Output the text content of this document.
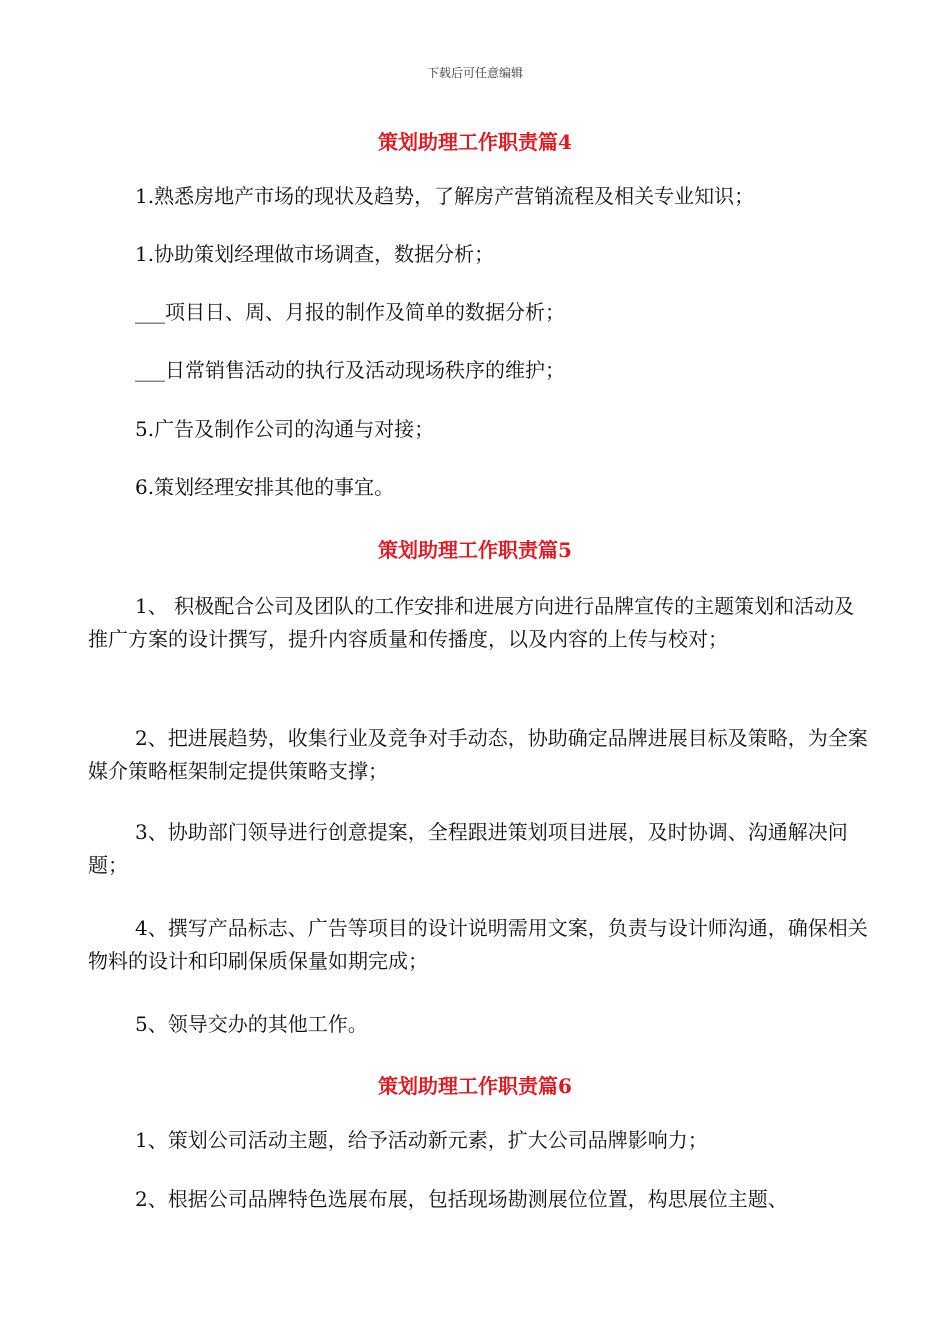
下载后可任意编辑
策划助理工作职责篇4

1.熟悉房地产市场的现状及趋势，了解房产营销流程及相关专业知识；

1.协助策划经理做市场调查，数据分析；

___项目日、周、月报的制作及简单的数据分析；

___日常销售活动的执行及活动现场秩序的维护；

5.广告及制作公司的沟通与对接；

6.策划经理安排其他的事宜。

策划助理工作职责篇5

1、 积极配合公司及团队的工作安排和进展方向进行品牌宣传的主题策划和活动及推广方案的设计撰写，提升内容质量和传播度，以及内容的上传与校对；

2、把进展趋势，收集行业及竞争对手动态，协助确定品牌进展目标及策略，为全案媒介策略框架制定提供策略支撑；

3、协助部门领导进行创意提案，全程跟进策划项目进展，及时协调、沟通解决问题；

4、撰写产品标志、广告等项目的设计说明需用文案，负责与设计师沟通，确保相关物料的设计和印刷保质保量如期完成；

5、领导交办的其他工作。

策划助理工作职责篇6

1、策划公司活动主题，给予活动新元素，扩大公司品牌影响力；

2、根据公司品牌特色选展布展，包括现场勘测展位位置，构思展位主题、
